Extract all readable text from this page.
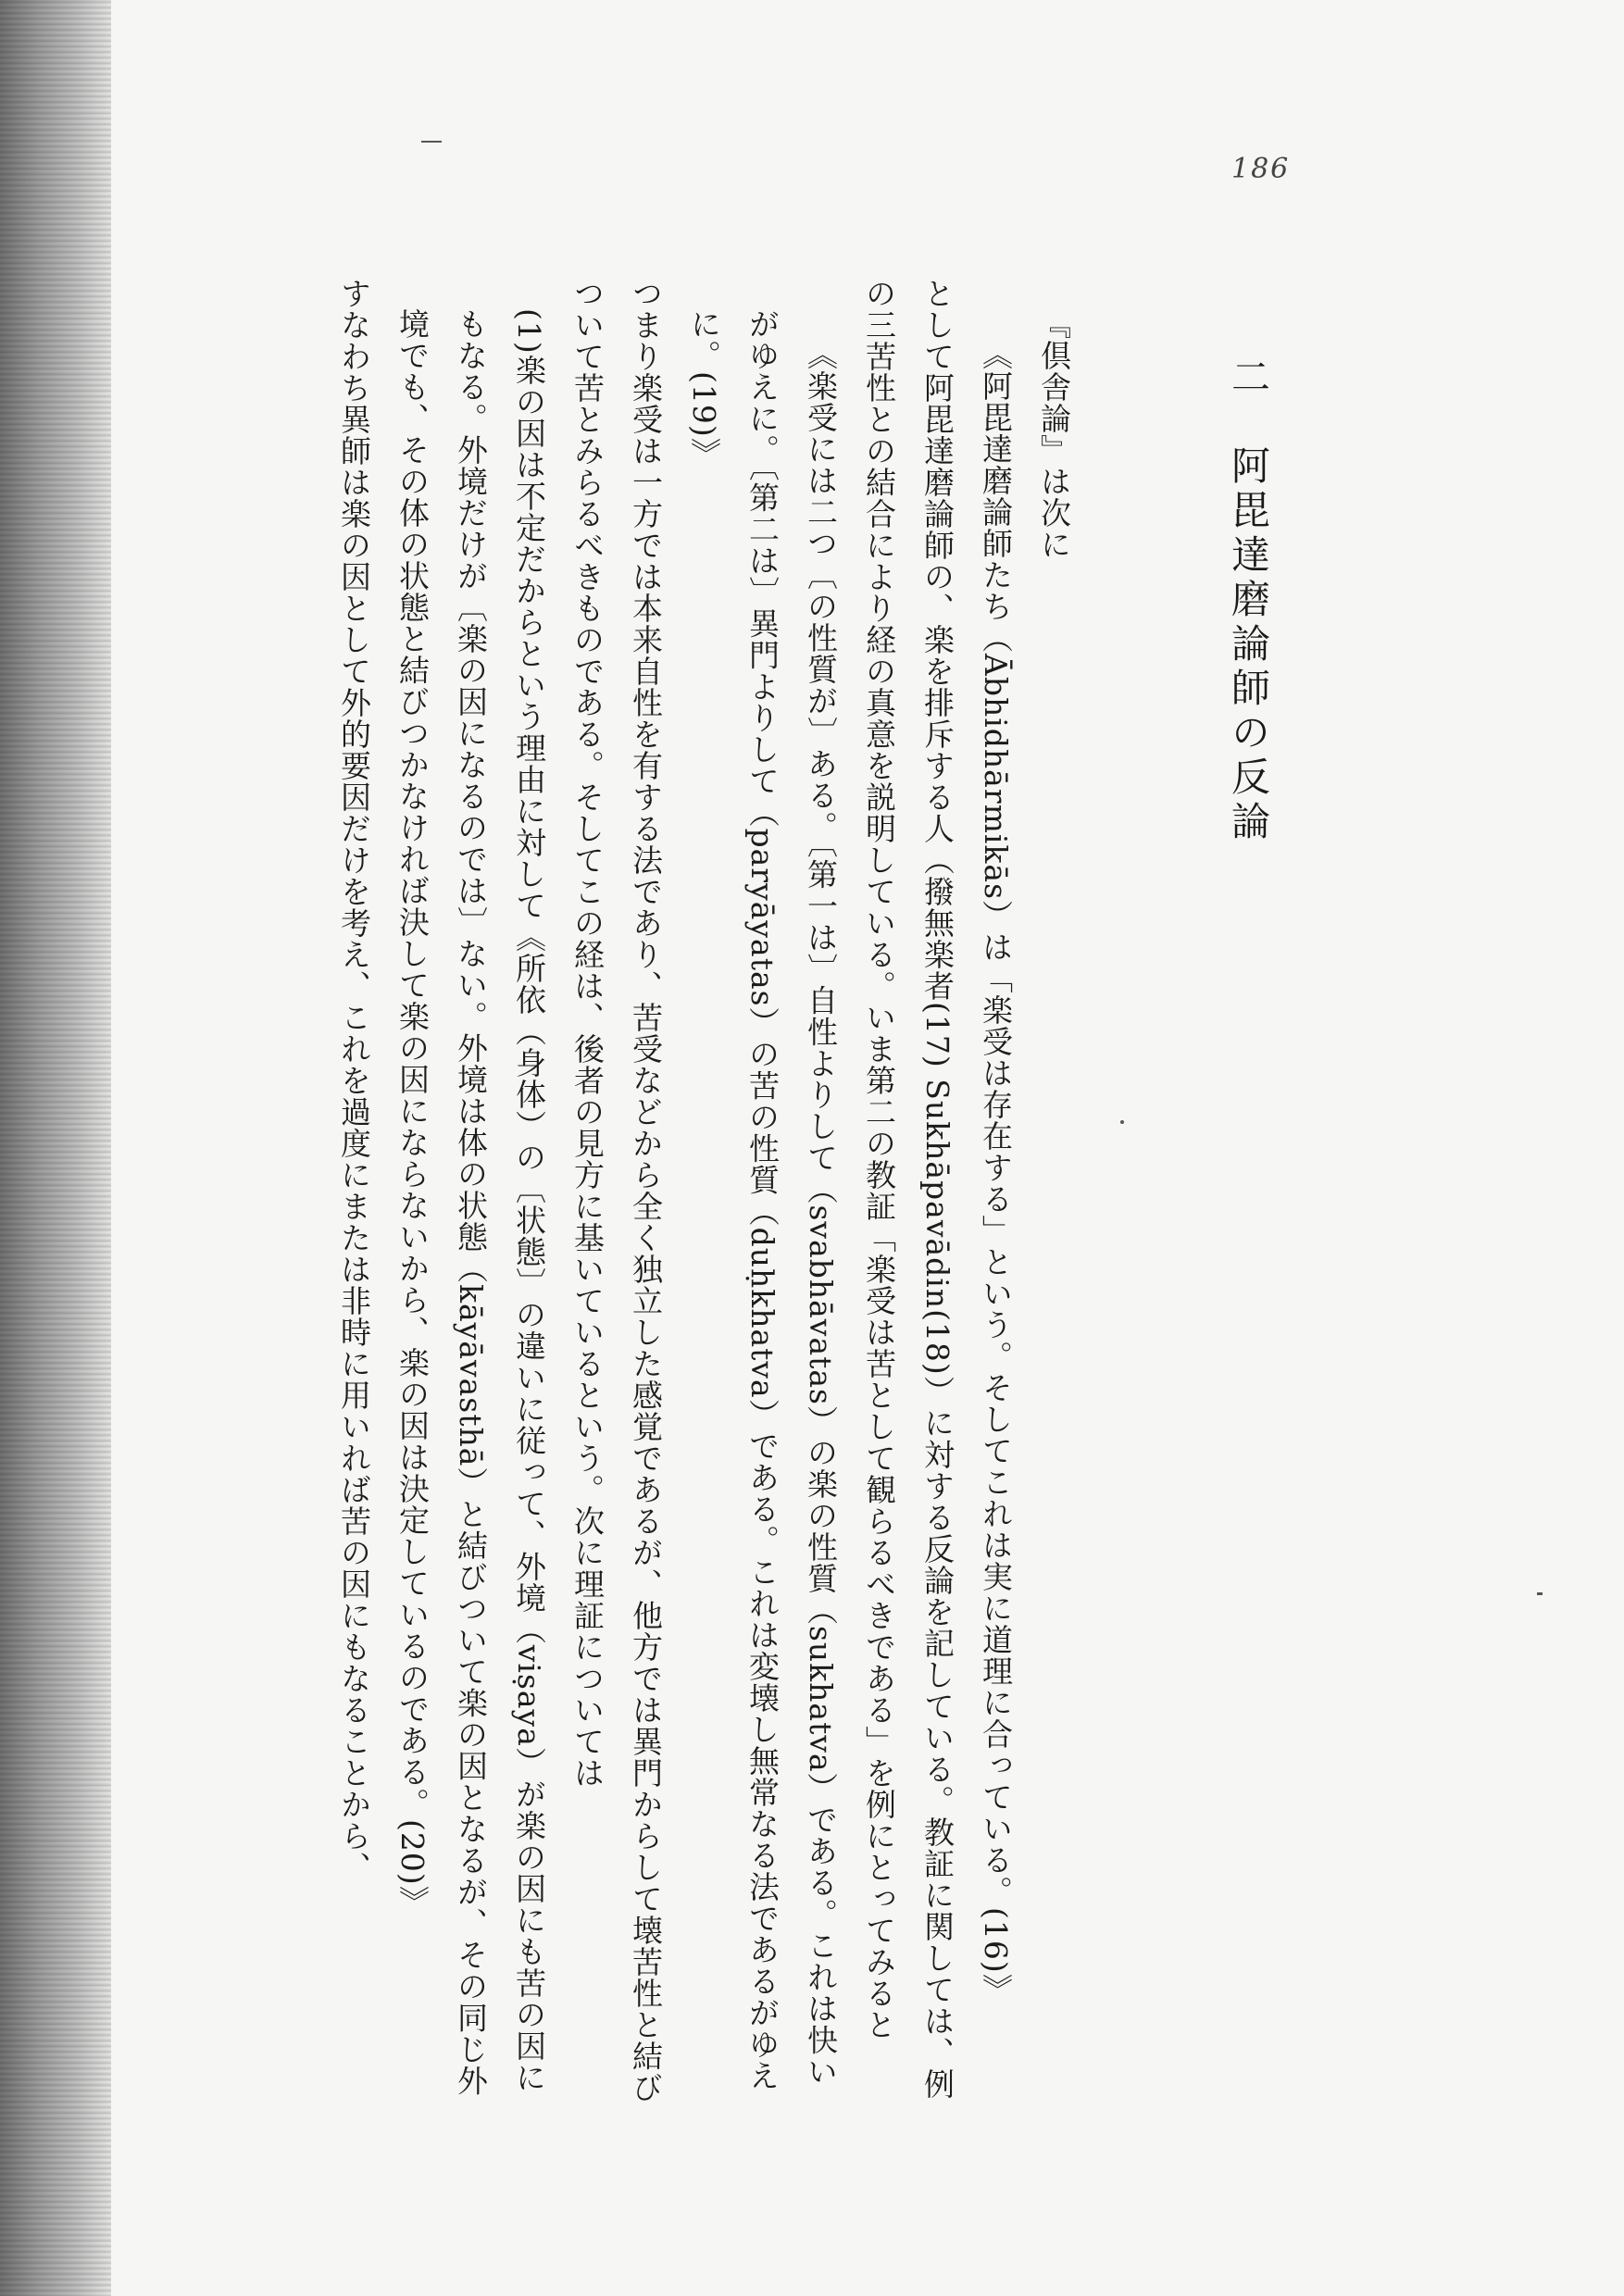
186
二　阿毘達磨論師の反論

『倶舎論』は次に

《阿毘達磨論師たち（Ābhidhārmikās）は「楽受は存在する」という。そしてこれは実に道理に合っている。(16)》

として阿毘達磨論師の、楽を排斥する人（撥無楽者(17) Sukhāpavādin(18)）に対する反論を記している。教証に関しては、例の三苦性との結合により経の真意を説明している。いま第二の教証「楽受は苦として観らるべきである」を例にとってみると

《楽受には二つ〔の性質が〕ある。〔第一は〕自性よりして（svabhāvatas）の楽の性質（sukhatva）である。これは快いがゆえに。〔第二は〕異門よりして（paryāyatas）の苦の性質（duḥkhatva）である。これは変壊し無常なる法であるがゆえに。(19)》

つまり楽受は一方では本来自性を有する法であり、苦受などから全く独立した感覚であるが、他方では異門からして壊苦性と結びついて苦とみらるべきものである。そしてこの経は、後者の見方に基いているという。次に理証については

(1)楽の因は不定だからという理由に対して《所依（身体）の〔状態〕の違いに従って、外境（viṣaya）が楽の因にも苦の因にもなる。外境だけが〔楽の因になるのでは〕ない。外境は体の状態（kāyāvasthā）と結びついて楽の因となるが、その同じ外境でも、その体の状態と結びつかなければ決して楽の因にならないから、楽の因は決定しているのである。(20)》

すなわち異師は楽の因として外的要因だけを考え、これを過度にまたは非時に用いれば苦の因にもなることから、
